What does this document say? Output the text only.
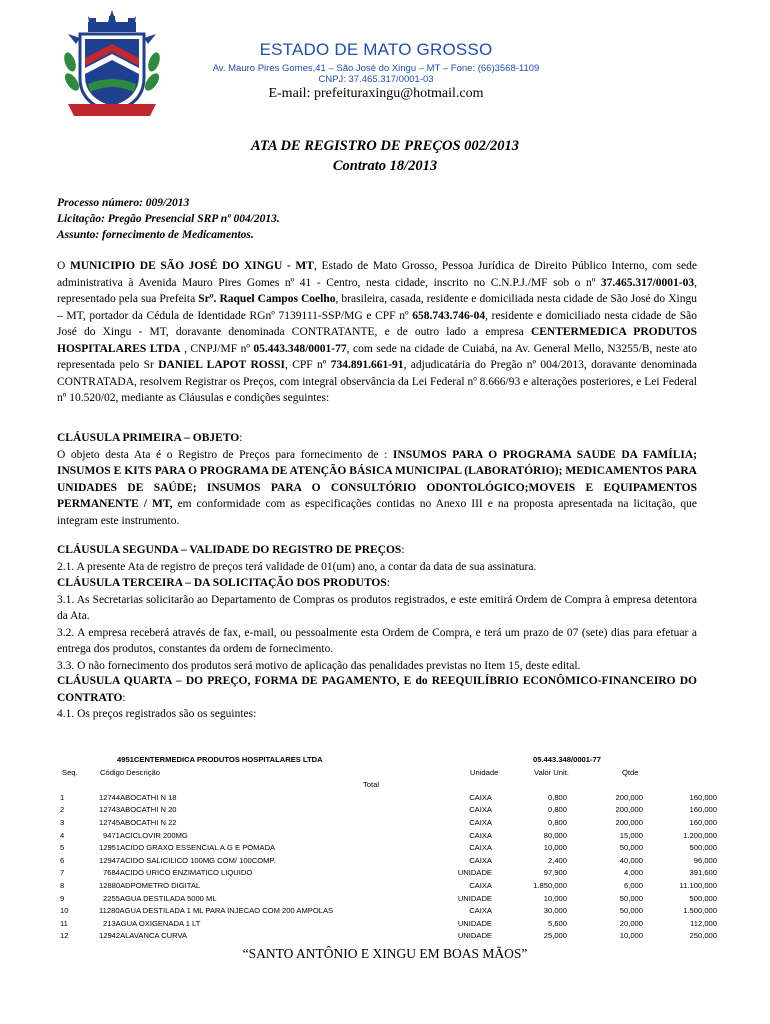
ESTADO DE MATO GROSSO
Av. Mauro Pires Gomes,41 – São José do Xingu – MT – Fone: (66)3568-1109
CNPJ: 37.465.317/0001-03
E-mail: prefeituraxingu@hotmail.com
ATA DE REGISTRO DE PREÇOS 002/2013
Contrato 18/2013
Processo número: 009/2013
Licitação: Pregão Presencial SRP nº 004/2013.
Assunto: fornecimento de Medicamentos.
O MUNICIPIO DE SÃO JOSÉ DO XINGU - MT, Estado de Mato Grosso, Pessoa Jurídica de Direito Público Interno, com sede administrativa à Avenida Mauro Pires Gomes nº 41 - Centro, nesta cidade, inscrito no C.N.P.J./MF sob o nº 37.465.317/0001-03, representado pela sua Prefeita Srº. Raquel Campos Coelho, brasileira, casada, residente e domiciliada nesta cidade de São José do Xingu – MT, portador da Cédula de Identidade RGnº 7139111-SSP/MG e CPF nº 658.743.746-04, residente e domiciliado nesta cidade de São José do Xingu - MT, doravante denominada CONTRATANTE, e de outro lado a empresa CENTERMEDICA PRODUTOS HOSPITALARES LTDA , CNPJ/MF nº 05.443.348/0001-77, com sede na cidade de Cuiabá, na Av. General Mello, N3255/B, neste ato representada pelo Sr DANIEL LAPOT ROSSI, CPF nº 734.891.661-91, adjudicatária do Pregão nº 004/2013, doravante denominada CONTRATADA, resolvem Registrar os Preços, com integral observância da Lei Federal nº 8.666/93 e alterações posteriores, e Lei Federal nº 10.520/02, mediante as Cláusulas e condições seguintes:
CLÁUSULA PRIMEIRA – OBJETO:
O objeto desta Ata é o Registro de Preços para fornecimento de : INSUMOS PARA O PROGRAMA SAUDE DA FAMÍLIA; INSUMOS E KITS PARA O PROGRAMA DE ATENÇÃO BÁSICA MUNICIPAL (LABORATÓRIO); MEDICAMENTOS PARA UNIDADES DE SAÚDE; INSUMOS PARA O CONSULTÓRIO ODONTOLÓGICO;MOVEIS E EQUIPAMENTOS PERMANENTE / MT, em conformidade com as especificações contidas no Anexo III e na proposta apresentada na licitação, que integram este instrumento.
CLÁUSULA SEGUNDA – VALIDADE DO REGISTRO DE PREÇOS:
2.1. A presente Ata de registro de preços terá validade de 01(um) ano, a contar da data de sua assinatura.
CLÁUSULA TERCEIRA – DA SOLICITAÇÃO DOS PRODUTOS:
3.1. As Secretarias solicitarão ao Departamento de Compras os produtos registrados, e este emitirá Ordem de Compra à empresa detentora da Ata.
3.2. A empresa receberá através de fax, e-mail, ou pessoalmente esta Ordem de Compra, e terá um prazo de 07 (sete) dias para efetuar a entrega dos produtos, constantes da ordem de fornecimento.
3.3. O não fornecimento dos produtos será motivo de aplicação das penalidades previstas no Item 15, deste edital.
CLÁUSULA QUARTA – DO PREÇO, FORMA DE PAGAMENTO, E do REEQUILÍBRIO ECONÔMICO-FINANCEIRO DO CONTRATO:
4.1. Os preços registrados são os seguintes:
4951CENTERMEDICA PRODUTOS HOSPITALARES LTDA	05.443.348/0001-77
Seq.	Código Descrição	Unidade	Valor Unit.	Qtde
Total
1	12744ABOCATHI N 18	CAIXA	0,800	200,000	160,000
2	12743ABOCATHI N 20	CAIXA	0,800	200,000	160,000
3	12745ABOCATHI N 22	CAIXA	0,800	200,000	160,000
4	9471ACICLOVIR 200MG	CAIXA	80,000	15,000	1.200,000
5	12951ACIDO GRAXO ESSENCIAL A.G E POMADA	CAIXA	10,000	50,000	500,000
6	12947ACIDO SALICILICO 100MG COM/ 100COMP.	CAIXA	2,400	40,000	96,000
7	7684ACIDO URICO ENZIMATICO LIQUIDO	UNIDADE	97,900	4,000	391,600
8	12880ADPOMETRO DIGITAL	CAIXA	1.850,000	6,000	11.100,000
9	2255AGUA DESTILADA 5000 ML	UNIDADE	10,000	50,000	500,000
10	11280AGUA DESTILADA 1 ML PARA INJECAO COM 200 AMPOLAS	CAIXA	30,000	50,000	1.500,000
11	213AGUA OXIGENADA 1 LT	UNIDADE	5,600	20,000	112,000
12	12942ALAVANCA CURVA	UNIDADE	25,000	10,000	250,000
“SANTO ANTÔNIO E XINGU EM BOAS MÃOS”
